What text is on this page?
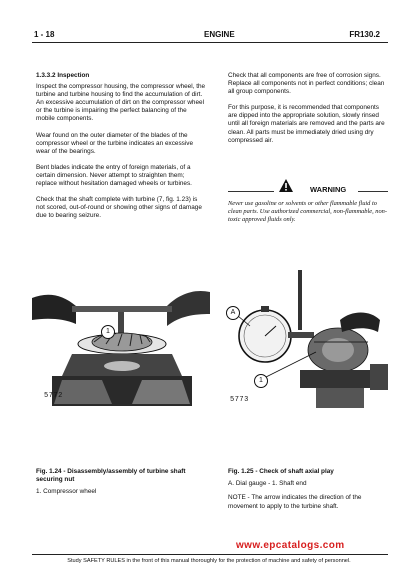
1 - 18	ENGINE	FR130.2
1.3.3.2 Inspection

Inspect the compressor housing, the compressor wheel, the turbine and turbine housing to find the accumulation of dirt. An excessive accumulation of dirt on the compressor wheel or the turbine is impairing the perfect balancing of the mobile components.

Wear found on the outer diameter of the blades of the compressor wheel or the turbine indicates an excessive wear of the bearings.

Bent blades indicate the entry of foreign materials, of a certain dimension. Never attempt to straighten them; replace without hesitation damaged wheels or turbines.

Check that the shaft complete with turbine (7, fig. 1.23) is not scored, out-of-round or showing other signs of damage due to bearing seizure.

Check that all components are free of corrosion signs. Replace all components not in perfect conditions; clean all group components.

For this purpose, it is recommended that components are dipped into the appropriate solution, slowly rinsed until all foreign materials are removed and the parts are clean. All parts must be immediately dried using dry compressed air.

WARNING
Never use gasoline or solvents or other flammable fluid to clean parts. Use authorized commercial, non-flammable, non-toxic approved fluids only.
1
5772
A
1
5773
Fig. 1.24 - Disassembly/assembly of turbine shaft securing nut
1. Compressor wheel
Fig. 1.25 - Check of shaft axial play
A. Dial gauge - 1. Shaft end
NOTE - The arrow indicates the direction of the movement to apply to the turbine shaft.
www.epcatalogs.com
Study SAFETY RULES in the front of this manual thoroughly for the protection of machine and safety of personnel.
